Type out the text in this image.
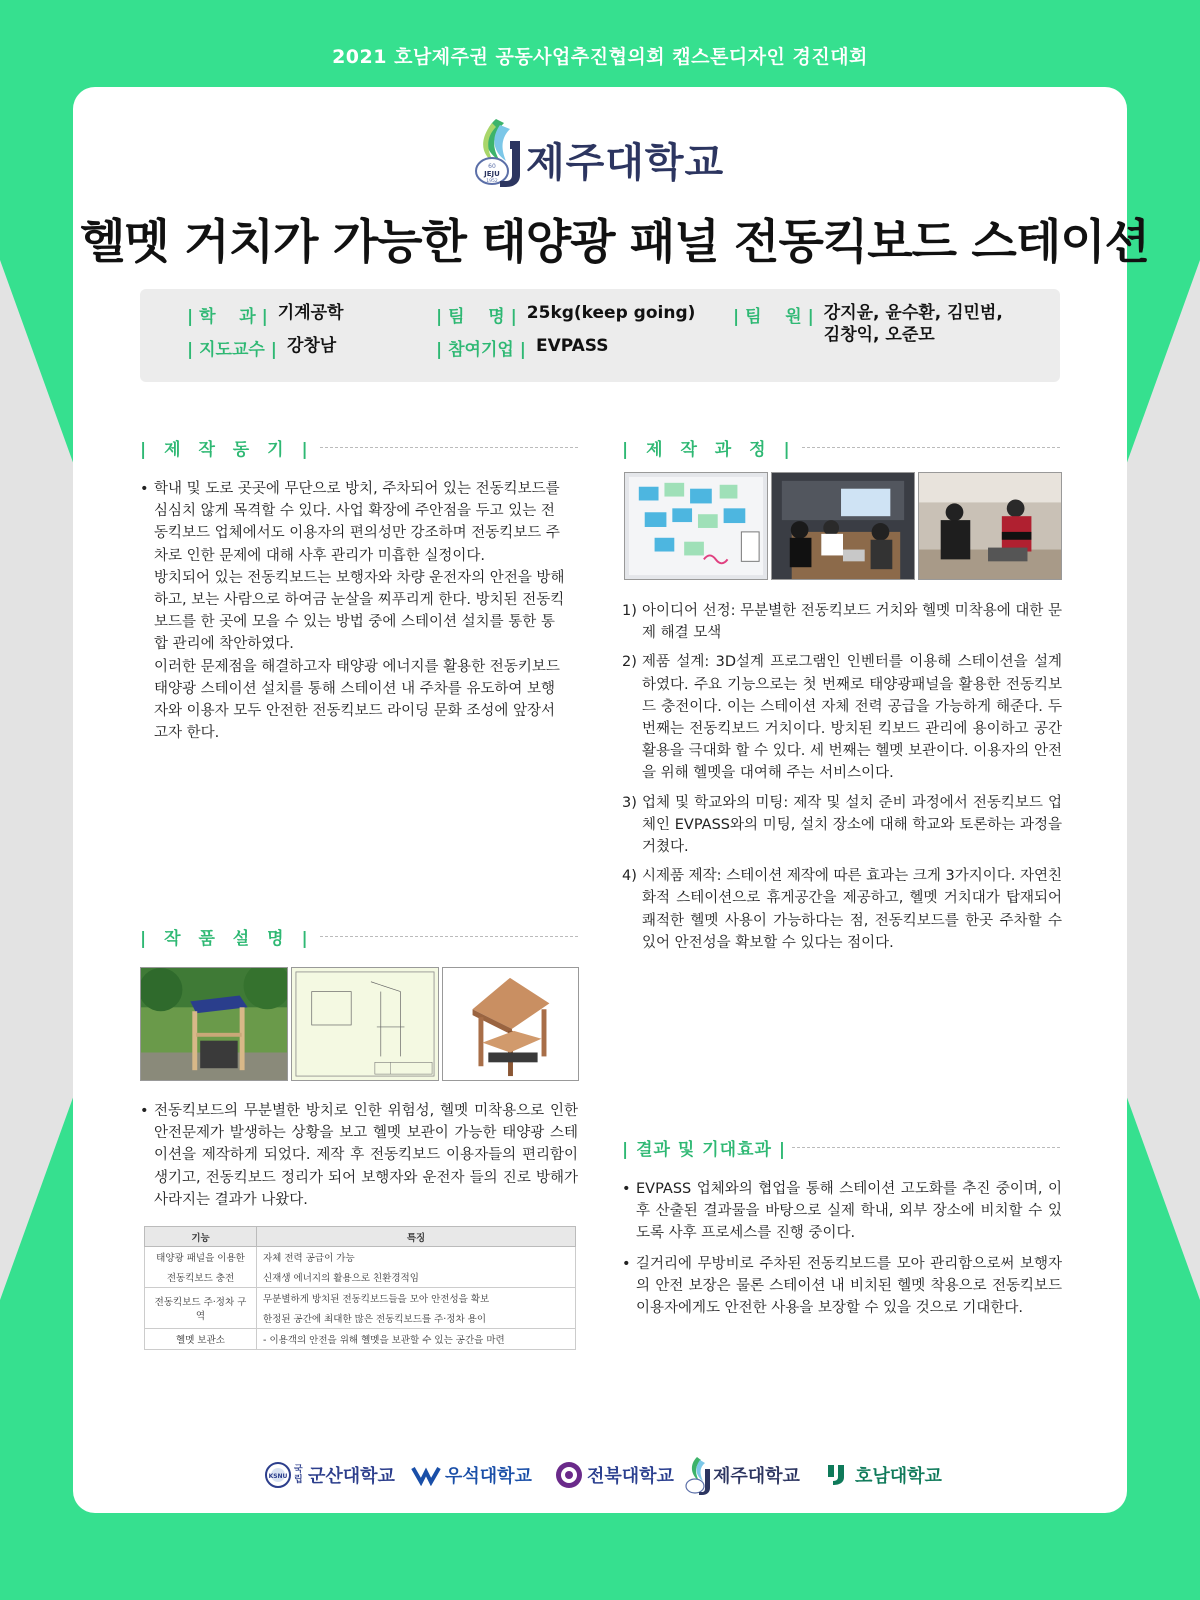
2021 호남제주권 공동사업추진협의회 캡스톤디자인 경진대회
60
JEJU
1952 제주대학교
헬멧 거치가 가능한 태양광 패널 전동킥보드 스테이션
| 학    과 | 기계공학
| 지도교수 | 강창남
| 팀    명 | 25kg(keep going)
| 참여기업 | EVPASS
| 팀    원 | 강지윤, 윤수환, 김민범,
김창익, 오준모
| 제 작 동 기 |
• 학내 및 도로 곳곳에 무단으로 방치, 주차되어 있는 전동킥보드를 심심치 않게 목격할 수 있다. 사업 확장에 주안점을 두고 있는 전동킥보드 업체에서도 이용자의 편의성만 강조하며 전동킥보드 주차로 인한 문제에 대해 사후 관리가 미흡한 실정이다.

방치되어 있는 전동킥보드는 보행자와 차량 운전자의 안전을 방해하고, 보는 사람으로 하여금 눈살을 찌푸리게 한다. 방치된 전동킥보드를 한 곳에 모을 수 있는 방법 중에 스테이션 설치를 통한 통합 관리에 착안하였다.

이러한 문제점을 해결하고자 태양광 에너지를 활용한 전동키보드 태양광 스테이션 설치를 통해 스테이션 내 주차를 유도하여 보행자와 이용자 모두 안전한 전동킥보드 라이딩 문화 조성에 앞장서고자 한다.

| 제 작 과 정 |
1) 아이디어 선정: 무분별한 전동킥보드 거치와 헬멧 미착용에 대한 문제 해결 모색
2) 제품 설계: 3D설계 프로그램인 인벤터를 이용해 스테이션을 설계하였다. 주요 기능으로는 첫 번째로 태양광패널을 활용한 전동킥보드 충전이다. 이는 스테이션 자체 전력 공급을 가능하게 해준다. 두 번째는 전동킥보드 거치이다. 방치된 킥보드 관리에 용이하고 공간 활용을 극대화 할 수 있다. 세 번째는 헬멧 보관이다. 이용자의 안전을 위해 헬멧을 대여해 주는 서비스이다.
3) 업체 및 학교와의 미팅: 제작 및 설치 준비 과정에서 전동킥보드 업체인 EVPASS와의 미팅, 설치 장소에 대해 학교와 토론하는 과정을 거쳤다.
4) 시제품 제작: 스테이션 제작에 따른 효과는 크게 3가지이다. 자연친화적 스테이션으로 휴게공간을 제공하고, 헬멧 거치대가 탑재되어 쾌적한 헬멧 사용이 가능하다는 점, 전동킥보드를 한곳 주차할 수 있어 안전성을 확보할 수 있다는 점이다.
| 작 품 설 명 |
• 전동킥보드의 무분별한 방치로 인한 위험성, 헬멧 미착용으로 인한 안전문제가 발생하는 상황을 보고 헬멧 보관이 가능한 태양광 스테이션을 제작하게 되었다. 제작 후 전동킥보드 이용자들의 편리함이 생기고, 전동킥보드 정리가 되어 보행자와 운전자 들의 진로 방해가 사라지는 결과가 나왔다.

기능	특징
태양광 패널을 이용한	자체 전력 공급이 가능
전동킥보드 충전	신재생 에너지의 활용으로 친환경적임
전동킥보드 주·정차 구역	무분별하게 방치된 전동킥보드들을 모아 안전성을 확보
	한정된 공간에 최대한 많은 전동킥보드를 주·정차 용이
헬멧 보관소	- 이용객의 안전을 위해 헬멧을 보관할 수 있는 공간을 마련
| 결과 및 기대효과 |
• EVPASS 업체와의 협업을 통해 스테이션 고도화를 추진 중이며, 이후 산출된 결과물을 바탕으로 실제 학내, 외부 장소에 비치할 수 있도록 사후 프로세스를 진행 중이다.

• 길거리에 무방비로 주차된 전동킥보드를 모아 관리함으로써 보행자의 안전 보장은 물론 스테이션 내 비치된 헬멧 착용으로 전동킥보드 이용자에게도 안전한 사용을 보장할 수 있을 것으로 기대한다.

KSNU
국립 군산대학교	우석대학교	전북대학교 제주대학교	호남대학교
